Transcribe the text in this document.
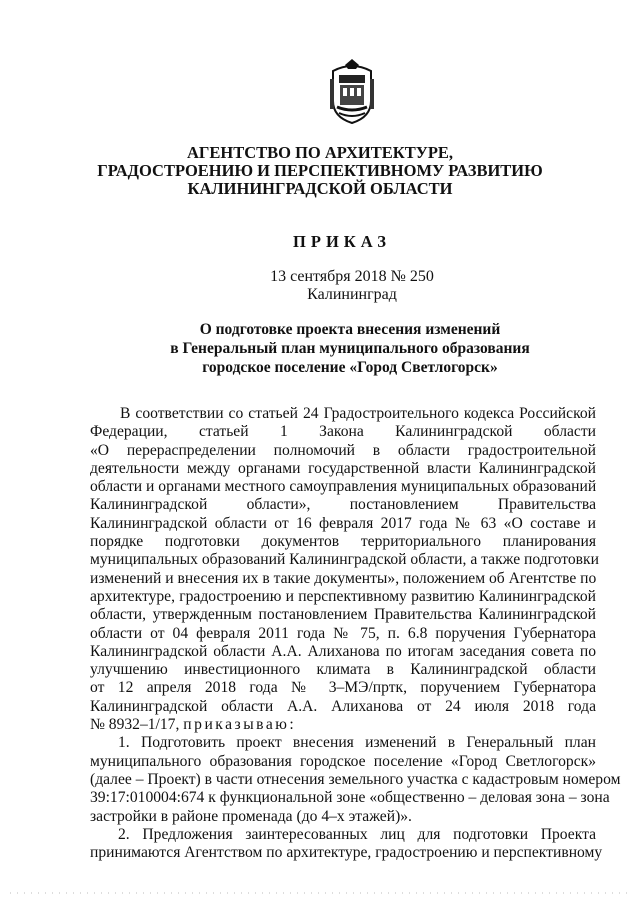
АГЕНТСТВО ПО АРХИТЕКТУРЕ,
ГРАДОСТРОЕНИЮ И ПЕРСПЕКТИВНОМУ РАЗВИТИЮ
КАЛИНИНГРАДСКОЙ ОБЛАСТИ
ПРИКАЗ
13 сентября 2018 № 250
Калининград
О подготовке проекта внесения изменений
в Генеральный план муниципального образования
городское поселение «Город Светлогорск»
В соответствии со статьей 24 Градостроительного кодекса Российской
Федерации, статьей 1 Закона Калининградской области
«О перераспределении полномочий в области градостроительной
деятельности между органами государственной власти Калининградской
области и органами местного самоуправления муниципальных образований
Калининградской области», постановлением Правительства
Калининградской области от 16 февраля 2017 года № 63 «О составе и
порядке подготовки документов территориального планирования
муниципальных образований Калининградской области, а также подготовки
изменений и внесения их в такие документы», положением об Агентстве по
архитектуре, градостроению и перспективному развитию Калининградской
области, утвержденным постановлением Правительства Калининградской
области от 04 февраля 2011 года № 75, п. 6.8 поручения Губернатора
Калининградской области А.А. Алиханова по итогам заседания совета по
улучшению инвестиционного климата в Калининградской области
от 12 апреля 2018 года № 3–МЭ/пртк, поручением Губернатора
Калининградской области А.А. Алиханова от 24 июля 2018 года
№ 8932–1/17, приказываю:
1. Подготовить проект внесения изменений в Генеральный план
муниципального образования городское поселение «Город Светлогорск»
(далее – Проект) в части отнесения земельного участка с кадастровым номером
39:17:010004:674 к функциональной зоне «общественно – деловая зона – зона
застройки в районе променада (до 4–х этажей)».
2. Предложения заинтересованных лиц для подготовки Проекта
принимаются Агентством по архитектуре, градостроению и перспективному
